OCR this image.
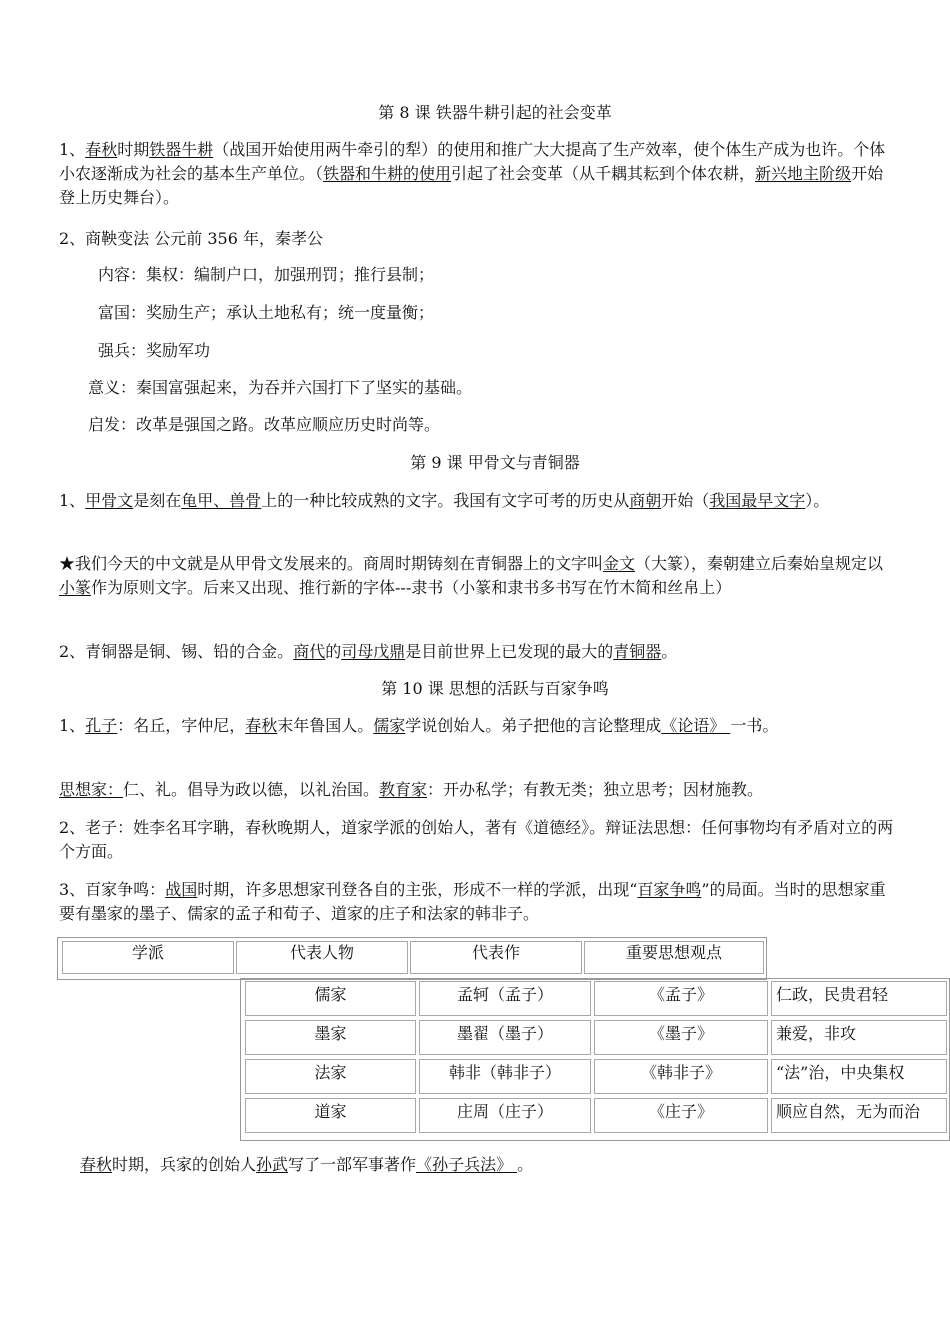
第 8 课 铁器牛耕引起的社会变革
1、春秋时期铁器牛耕（战国开始使用两牛牵引的犁）的使用和推广大大提高了生产效率，使个体生产成为也许。个体小农逐渐成为社会的基本生产单位。（铁器和牛耕的使用引起了社会变革（从千耦其耘到个体农耕，新兴地主阶级开始登上历史舞台）。
2、商鞅变法 公元前 356 年，秦孝公
内容：集权：编制户口，加强刑罚；推行县制；
富国：奖励生产；承认土地私有；统一度量衡；
强兵：奖励军功
意义：秦国富强起来，为吞并六国打下了坚实的基础。
启发：改革是强国之路。改革应顺应历史时尚等。
第 9 课 甲骨文与青铜器
1、甲骨文是刻在龟甲、兽骨上的一种比较成熟的文字。我国有文字可考的历史从商朝开始（我国最早文字）。
★我们今天的中文就是从甲骨文发展来的。商周时期铸刻在青铜器上的文字叫金文（大篆），秦朝建立后秦始皇规定以小篆作为原则文字。后来又出现、推行新的字体---隶书（小篆和隶书多书写在竹木简和丝帛上）
2、青铜器是铜、锡、铅的合金。商代的司母戊鼎是目前世界上已发现的最大的青铜器。
第 10 课 思想的活跃与百家争鸣
1、孔子：名丘，字仲尼，春秋末年鲁国人。儒家学说创始人。弟子把他的言论整理成《论语》 一书。
思想家：仁、礼。倡导为政以德，以礼治国。教育家：开办私学；有教无类；独立思考；因材施教。
2、老子：姓李名耳字聃，春秋晚期人，道家学派的创始人，著有《道德经》。辩证法思想：任何事物均有矛盾对立的两个方面。
3、百家争鸣：战国时期，许多思想家刊登各自的主张，形成不一样的学派，出现“百家争鸣”的局面。当时的思想家重要有墨家的墨子、儒家的孟子和荀子、道家的庄子和法家的韩非子。
学派	代表人物	代表作	重要思想观点
儒家	孟轲（孟子）	《孟子》	仁政，民贵君轻
墨家	墨翟（墨子）	《墨子》	兼爱，非攻
法家	韩非（韩非子）	《韩非子》	“法”治，中央集权
道家	庄周（庄子）	《庄子》	顺应自然，无为而治
春秋时期，兵家的创始人孙武写了一部军事著作《孙子兵法》 。
